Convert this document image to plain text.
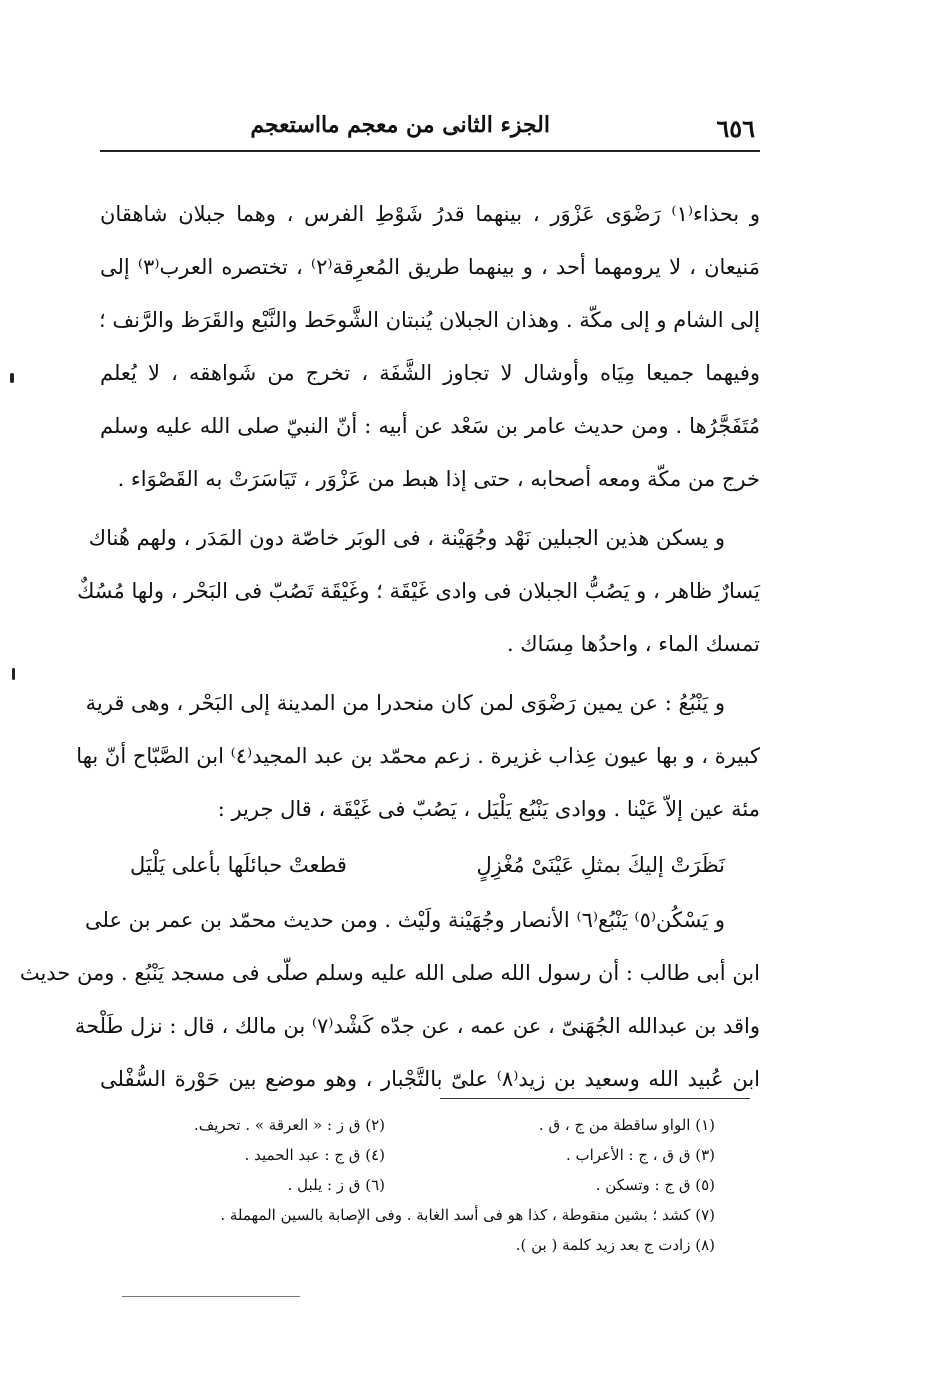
٦٥٦
الجزء الثانى من معجم مااستعجم
و بحذاء⁽١⁾ رَضْوَى عَزْوَر ، بينهما قدرُ شَوْطِ الفرس ، وهما جبلان شاهقان
مَنيعان ، لا يرومهما أحد ، و بينهما طريق المُعرِقة⁽٢⁾ ، تختصره العرب⁽٣⁾ إلى
إلى الشام و إلى مكّة . وهذان الجبلان يُنبتان الشَّوحَط والنَّبْع والقَرَظ والرَّنف ؛
وفيهما جميعا مِيَاه وأوشال لا تجاوز الشَّفَة ، تخرج من شَواهقه ، لا يُعلم
مُتَفَجَّرُها . ومن حديث عامر بن سَعْد عن أبيه : أنّ النبيّ صلى الله عليه وسلم
خرج من مكّة ومعه أصحابه ، حتى إذا هبط من عَزْوَر ، تَيَاسَرَتْ به القَصْوَاء .
و يسكن هذين الجبلين نَهْد وجُهَيْنة ، فى الوبَر خاصّة دون المَدَر ، ولهم هُناك
يَسارٌ ظاهر ، و يَصُبُّ الجبلان فى وادى غَيْقَة ؛ وغَيْقَة تَصُبّ فى البَحْر ، ولها مُسُكٌ
تمسك الماء ، واحدُها مِسَاك .
و يَنْبُعُ : عن يمين رَضْوَى لمن كان منحدرا من المدينة إلى البَحْر ، وهى قرية
كبيرة ، و بها عيون عِذاب غزيرة . زعم محمّد بن عبد المجيد⁽٤⁾ ابن الصَّبّاح أنّ بها
مئة عين إلاّ عَيْنا . ووادى يَنْبُع يَلْيَل ، يَصُبّ فى غَيْقَة ، قال جرير :
نَظَرَتْ إليكَ بمثلِ عَيْنَىْ مُغْزِلٍ
قطعتْ حبائلَها بأعلى يَلْيَل
و يَسْكُن⁽٥⁾ يَنْبُع⁽٦⁾ الأنصار وجُهَيْنة ولَيْث . ومن حديث محمّد بن عمر بن على
ابن أبى طالب : أن رسول الله صلى الله عليه وسلم صلّى فى مسجد يَنْبُع . ومن حديث
واقد بن عبدالله الجُهَنىّ ، عن عمه ، عن جدّه كَشْد⁽٧⁾ بن مالك ، قال : نزل طَلْحة
ابن عُبيد الله وسعيد بن زيد⁽٨⁾ علىّ بالتَّجْبار ، وهو موضع بين حَوْرة السُّفْلى
(١) الواو ساقطة من ج ، ق .
(٢) ق ز : « العرقة » . تحريف.
(٣) ق ق ، ج : الأعراب .
(٤) ق ج : عبد الحميد .
(٥) ق ج : وتسكن .
(٦) ق ز : يلبل .
(٧) كشد ؛ بشين منقوطة ، كذا هو فى أسد الغابة . وفى الإصابة بالسين المهملة .
(٨) زادت ج بعد زيد كلمة ( بن ).
